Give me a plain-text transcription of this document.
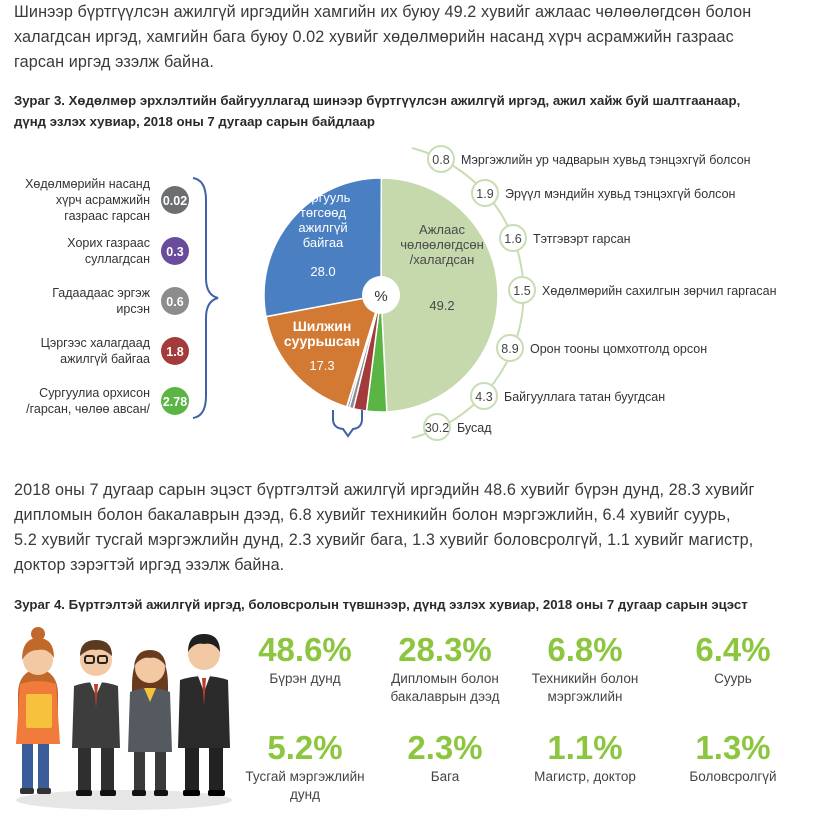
Шинээр бүртгүүлсэн ажилгүй иргэдийн хамгийн их буюу 49.2 хувийг ажлаас чөлөөлөгдсөн болон
халагдсан иргэд, хамгийн бага буюу 0.02 хувийг хөдөлмөрийн насанд хүрч асрамжийн газраас
гарсан иргэд эзэлж байна.
Зураг 3. Хөдөлмөр эрхлэлтийн байгууллагад шинээр бүртгүүлсэн ажилгүй иргэд, ажил хайж буй шалтгаанаар,
дүнд эзлэх хувиар, 2018 оны 7 дугаар сарын байдлаар
Ажлаас чөлөөлөгдсөн /халагдсан
49.2
Сургууль төгсөөд ажилгүй байгаа
28.0
Шилжин суурьшсан
17.3
%
Хөдөлмөрийн насанд хүрч асрамжийн газраас гарсан
0.02
Хорих газраас суллагдсан 0.3
Гадаадаас эргэж ирсэн 0.6
Цэргээс халагдаад ажилгүй байгаа 1.8
Сургуулиа орхисон /гарсан, чөлөө авсан/ 2.78
0.8 Мэргэжлийн ур чадварын хувьд тэнцэхгүй болсон
1.9 Эрүүл мэндийн хувьд тэнцэхгүй болсон
1.6 Тэтгэвэрт гарсан
1.5 Хөдөлмөрийн сахилгын зөрчил гаргасан
8.9 Орон тооны цомхотголд орсон
4.3 Байгууллага татан буугдсан
30.2 Бусад
2018 оны 7 дугаар сарын эцэст бүртгэлтэй ажилгүй иргэдийн 48.6 хувийг бүрэн дунд, 28.3 хувийг
дипломын болон бакалаврын дээд, 6.8 хувийг техникийн болон мэргэжлийн, 6.4 хувийг суурь,
5.2 хувийг тусгай мэргэжлийн дунд, 2.3 хувийг бага, 1.3 хувийг боловсролгүй, 1.1 хувийг магистр,
доктор зэрэгтэй иргэд эзэлж байна.
Зураг 4. Бүртгэлтэй ажилгүй иргэд, боловсролын түвшнээр, дүнд эзлэх хувиар, 2018 оны 7 дугаар сарын эцэст
48.6%
Бүрэн дунд
28.3%
Дипломын болон
бакалаврын дээд
6.8%
Техникийн болон
мэргэжлийн
6.4%
Суурь
5.2%
Тусгай мэргэжлийн
дунд
2.3%
Бага
1.1%
Магистр, доктор
1.3%
Боловсролгүй
